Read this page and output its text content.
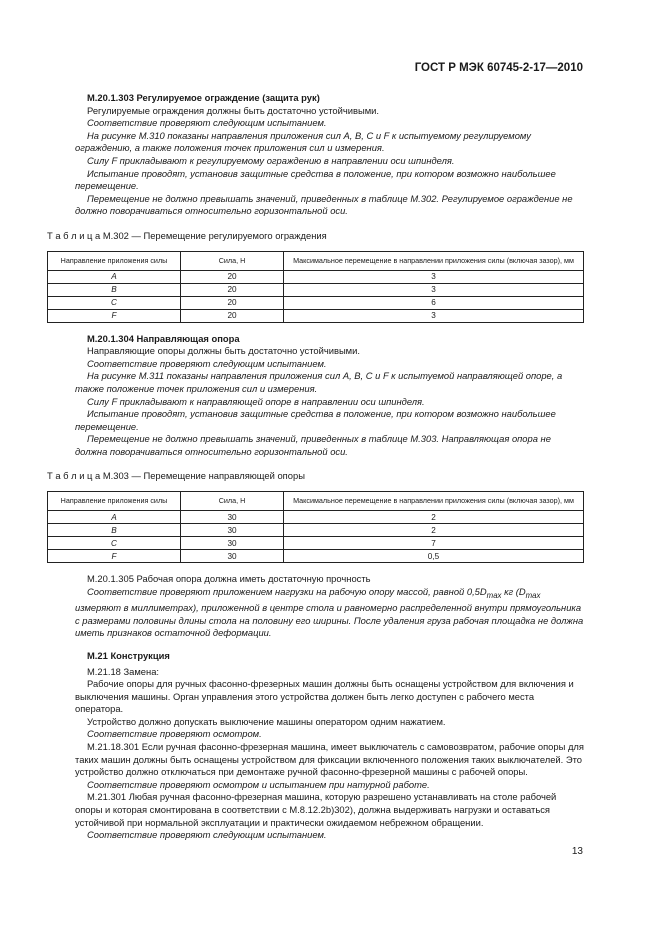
ГОСТ Р МЭК 60745-2-17—2010

М.20.1.303 Регулируемое ограждение (защита рук)

Регулируемые ограждения должны быть достаточно устойчивыми.

Соответствие проверяют следующим испытанием.

На рисунке М.310 показаны направления приложения сил A, B, C и F к испытуемому регулируемому ограждению, а также положения точек приложения сил и измерения.

Силу F прикладывают к регулируемому ограждению в направлении оси шпинделя.

Испытание проводят, установив защитные средства в положение, при котором возможно наибольшее перемещение.

Перемещение не должно превышать значений, приведенных в таблице М.302. Регулируемое ограждение не должно поворачиваться относительно горизонтальной оси.

Т а б л и ц а М.302 — Перемещение регулируемого ограждения

Направление приложения силы	Сила, Н	Максимальное перемещение в направлении приложения силы (включая зазор), мм
A	20	3
B	20	3
C	20	6
F	20	3

М.20.1.304 Направляющая опора

Направляющие опоры должны быть достаточно устойчивыми.

Соответствие проверяют следующим испытанием.

На рисунке М.311 показаны направления приложения сил A, B, C и F к испытуемой направляющей опоре, а также положение точек приложения сил и измерения.

Силу F прикладывают к направляющей опоре в направлении оси шпинделя.

Испытание проводят, установив защитные средства в положение, при котором возможно наибольшее перемещение.

Перемещение не должно превышать значений, приведенных в таблице М.303. Направляющая опора не должна поворачиваться относительно горизонтальной оси.

Т а б л и ц а М.303 — Перемещение направляющей опоры

Направление приложения силы	Сила, Н	Максимальное перемещение в направлении приложения силы (включая зазор), мм
A	30	2
B	30	2
C	30	7
F	30	0,5

М.20.1.305 Рабочая опора должна иметь достаточную прочность

Соответствие проверяют приложением нагрузки на рабочую опору массой, равной $0,5D_{max}$ кг ($D_{max}$ измеряют в миллиметрах), приложенной в центре стола и равномерно распределенной внутри прямоугольника с размерами половины длины стола на половину его ширины. После удаления груза рабочая площадка не должна иметь признаков остаточной деформации.

М.21 Конструкция

М.21.18 Замена:

Рабочие опоры для ручных фасонно-фрезерных машин должны быть оснащены устройством для включения и выключения машины. Орган управления этого устройства должен быть легко доступен с рабочего места оператора.

Устройство должно допускать выключение машины оператором одним нажатием.

Соответствие проверяют осмотром.

М.21.18.301 Если ручная фасонно-фрезерная машина, имеет выключатель с самовозвратом, рабочие опоры для таких машин должны быть оснащены устройством для фиксации включенного положения таких выключателей. Это устройство должно отключаться при демонтаже ручной фасонно-фрезерной машины с рабочей опоры.

Соответствие проверяют осмотром и испытанием при натурной работе.

М.21.301 Любая ручная фасонно-фрезерная машина, которую разрешено устанавливать на столе рабочей опоры и которая смонтирована в соответствии с М.8.12.2b)302), должна выдерживать нагрузки и оставаться устойчивой при нормальной эксплуатации и практически ожидаемом небрежном обращении.

Соответствие проверяют следующим испытанием.

13
